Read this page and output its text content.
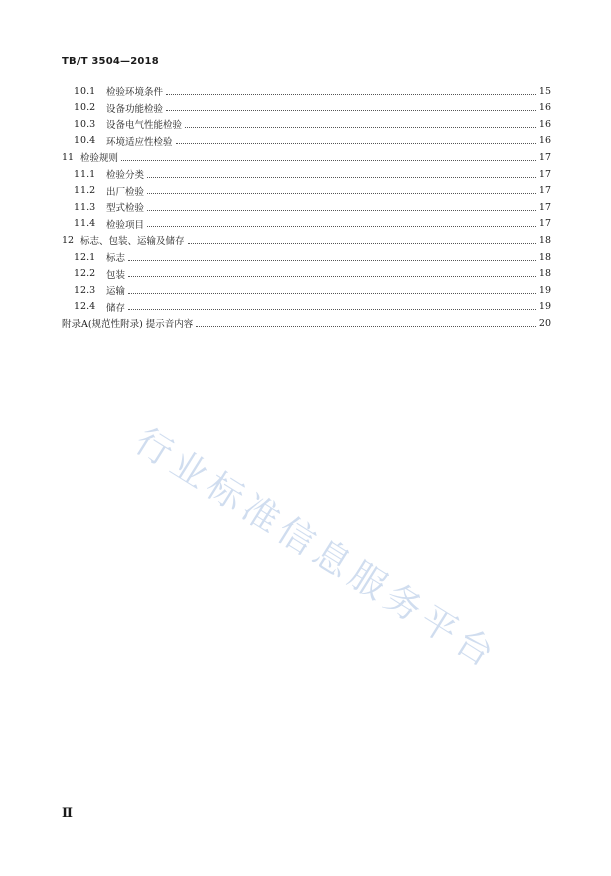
TB/T 3504—2018
10.1 检验环境条件	15
10.2 设备功能检验	16
10.3 设备电气性能检验	16
10.4 环境适应性检验	16
11 检验规则	17
11.1 检验分类	17
11.2 出厂检验	17
11.3 型式检验	17
11.4 检验项目	17
12 标志、包装、运输及储存	18
12.1 标志	18
12.2 包装	18
12.3 运输	19
12.4 储存	19
附录A(规范性附录) 提示音内容	20
行业标准信息服务平台
Ⅱ
